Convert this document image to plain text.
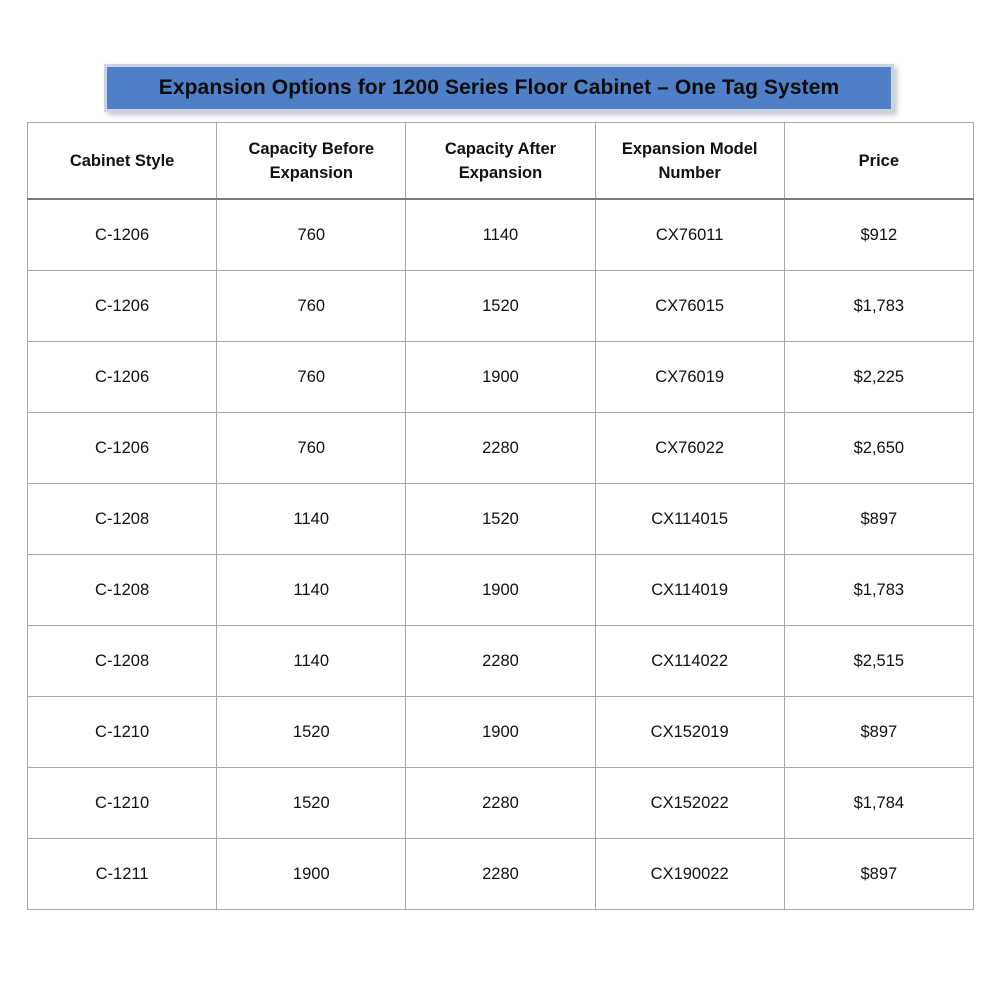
Expansion Options for 1200 Series Floor Cabinet – One Tag System
Cabinet Style	Capacity Before Expansion	Capacity After Expansion	Expansion Model Number	Price
C-1206	760	1140	CX76011	$912
C-1206	760	1520	CX76015	$1,783
C-1206	760	1900	CX76019	$2,225
C-1206	760	2280	CX76022	$2,650
C-1208	1140	1520	CX114015	$897
C-1208	1140	1900	CX114019	$1,783
C-1208	1140	2280	CX114022	$2,515
C-1210	1520	1900	CX152019	$897
C-1210	1520	2280	CX152022	$1,784
C-1211	1900	2280	CX190022	$897
